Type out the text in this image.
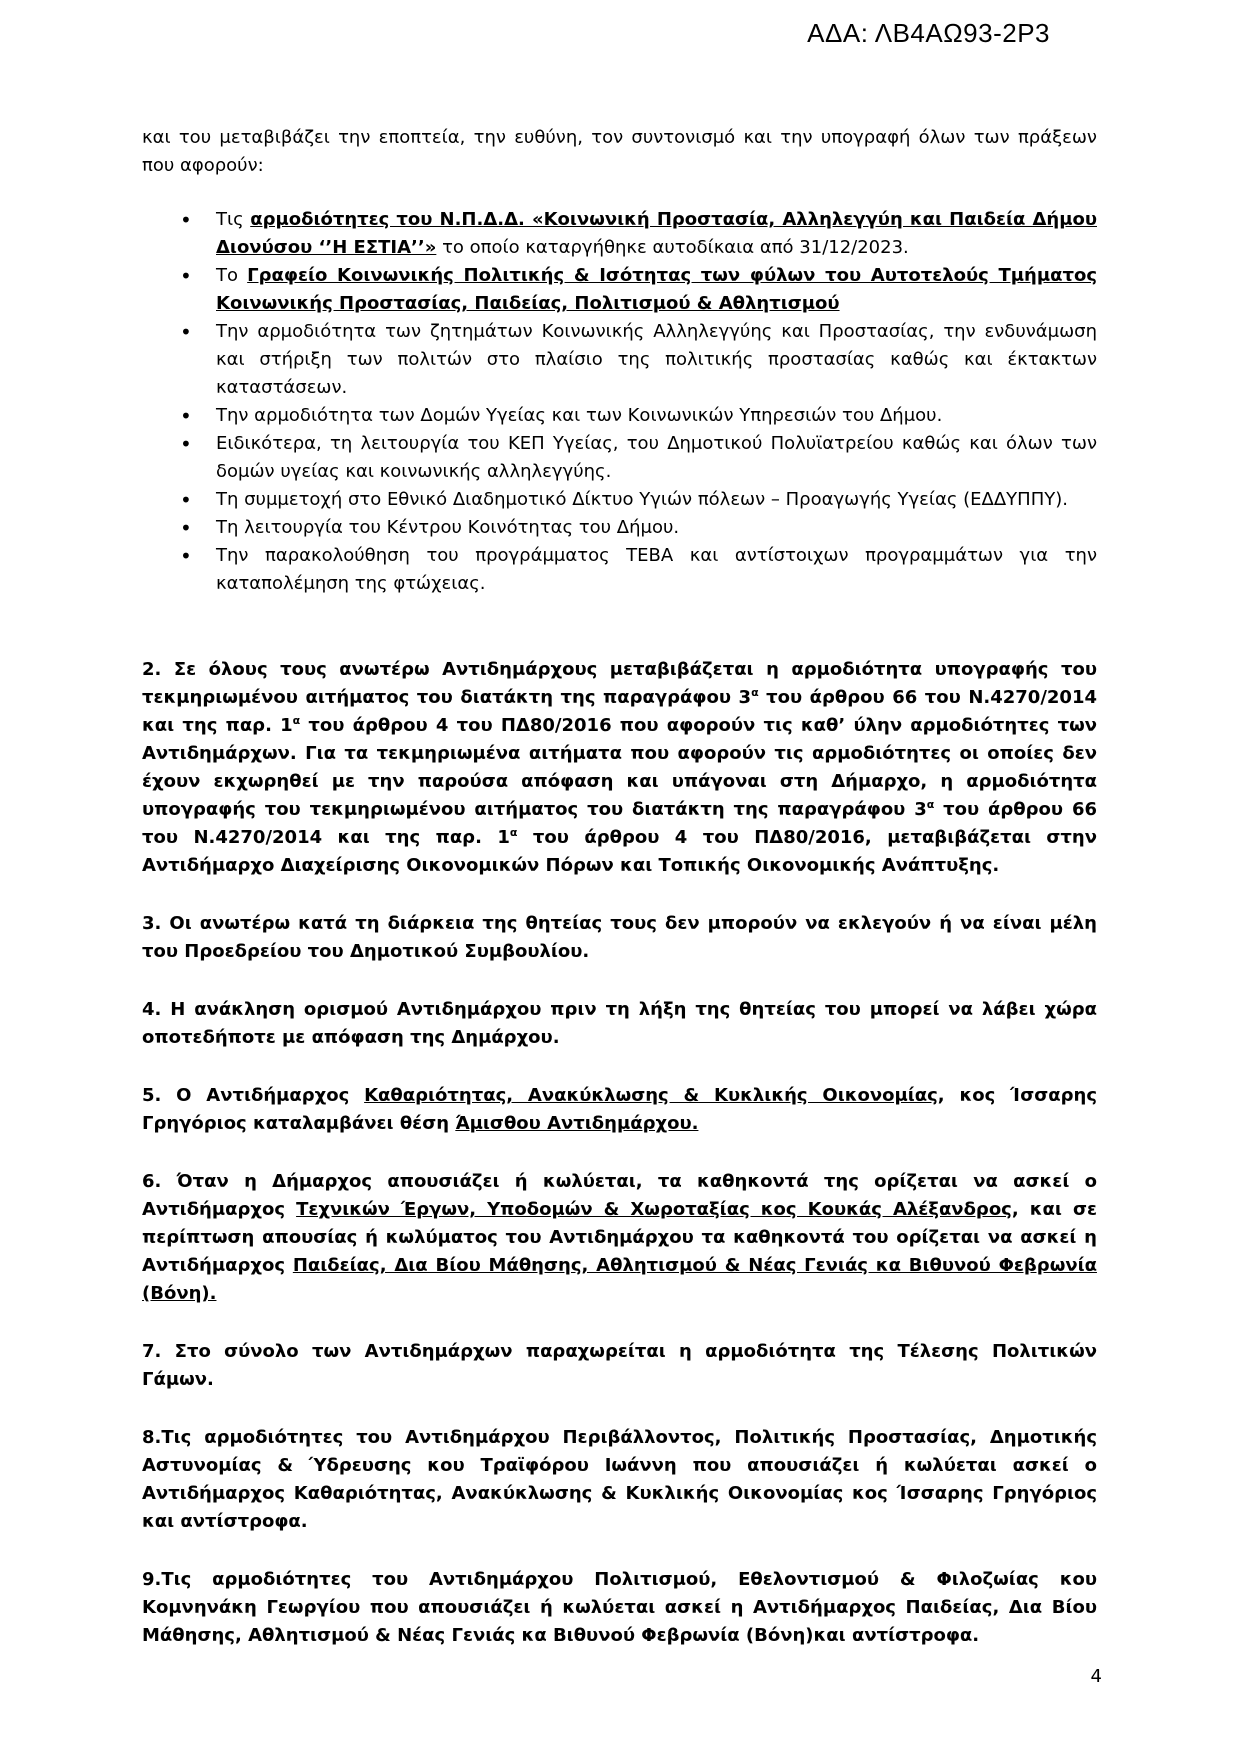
ΑΔΑ: ΛΒ4ΑΩ93-2Ρ3

και του μεταβιβάζει την εποπτεία, την ευθύνη, τον συντονισμό και την υπογραφή όλων των πράξεων που αφορούν:

• Τις αρμοδιότητες του Ν.Π.Δ.Δ. «Κοινωνική Προστασία, Αλληλεγγύη και Παιδεία Δήμου Διονύσου ‘’Η ΕΣΤΙΑ’’» το οποίο καταργήθηκε αυτοδίκαια από 31/12/2023.
• Το Γραφείο Κοινωνικής Πολιτικής & Ισότητας των φύλων του Αυτοτελούς Τμήματος Κοινωνικής Προστασίας, Παιδείας, Πολιτισμού & Αθλητισμού
• Την αρμοδιότητα των ζητημάτων Κοινωνικής Αλληλεγγύης και Προστασίας, την ενδυνάμωση και στήριξη των πολιτών στο πλαίσιο της πολιτικής προστασίας καθώς και έκτακτων καταστάσεων.
• Την αρμοδιότητα των Δομών Υγείας και των Κοινωνικών Υπηρεσιών του Δήμου.
• Ειδικότερα, τη λειτουργία του ΚΕΠ Υγείας, του Δημοτικού Πολυϊατρείου καθώς και όλων των δομών υγείας και κοινωνικής αλληλεγγύης.
• Τη συμμετοχή στο Εθνικό Διαδημοτικό Δίκτυο Υγιών πόλεων – Προαγωγής Υγείας (ΕΔΔΥΠΠΥ).
• Τη λειτουργία του Κέντρου Κοινότητας του Δήμου.
• Την παρακολούθηση του προγράμματος ΤΕΒΑ και αντίστοιχων προγραμμάτων για την καταπολέμηση της φτώχειας.

2. Σε όλους τους ανωτέρω Αντιδημάρχους μεταβιβάζεται η αρμοδιότητα υπογραφής του τεκμηριωμένου αιτήματος του διατάκτη της παραγράφου $3^\alpha$ του άρθρου 66 του Ν.4270/2014 και της παρ. $1^\alpha$ του άρθρου 4 του ΠΔ80/2016 που αφορούν τις καθ’ ύλην αρμοδιότητες των Αντιδημάρχων. Για τα τεκμηριωμένα αιτήματα που αφορούν τις αρμοδιότητες οι οποίες δεν έχουν εκχωρηθεί με την παρούσα απόφαση και υπάγοναι στη Δήμαρχο, η αρμοδιότητα υπογραφής του τεκμηριωμένου αιτήματος του διατάκτη της παραγράφου $3^\alpha$ του άρθρου 66 του Ν.4270/2014 και της παρ. $1^\alpha$ του άρθρου 4 του ΠΔ80/2016, μεταβιβάζεται στην Αντιδήμαρχο Διαχείρισης Οικονομικών Πόρων και Τοπικής Οικονομικής Ανάπτυξης.

3. Οι ανωτέρω κατά τη διάρκεια της θητείας τους δεν μπορούν να εκλεγούν ή να είναι μέλη του Προεδρείου του Δημοτικού Συμβουλίου.

4. Η ανάκληση ορισμού Αντιδημάρχου πριν τη λήξη της θητείας του μπορεί να λάβει χώρα οποτεδήποτε με απόφαση της Δημάρχου.

5. Ο Αντιδήμαρχος Καθαριότητας, Ανακύκλωσης & Κυκλικής Οικονομίας, κος Ίσσαρης Γρηγόριος καταλαμβάνει θέση Άμισθου Αντιδημάρχου.

6. Όταν η Δήμαρχος απουσιάζει ή κωλύεται, τα καθηκοντά της ορίζεται να ασκεί ο Αντιδήμαρχος Τεχνικών Έργων, Υποδομών & Χωροταξίας κος Κουκάς Αλέξανδρος, και σε περίπτωση απουσίας ή κωλύματος του Αντιδημάρχου τα καθηκοντά του ορίζεται να ασκεί η Αντιδήμαρχος Παιδείας, Δια Βίου Μάθησης, Αθλητισμού & Νέας Γενιάς κα Βιθυνού Φεβρωνία (Βόνη).

7. Στο σύνολο των Αντιδημάρχων παραχωρείται η αρμοδιότητα της Τέλεσης Πολιτικών Γάμων.

8.Τις αρμοδιότητες του Αντιδημάρχου Περιβάλλοντος, Πολιτικής Προστασίας, Δημοτικής Αστυνομίας & Ύδρευσης κου Τραϊφόρου Ιωάννη που απουσιάζει ή κωλύεται ασκεί ο Αντιδήμαρχος Καθαριότητας, Ανακύκλωσης & Κυκλικής Οικονομίας κος Ίσσαρης Γρηγόριος και αντίστροφα.

9.Τις αρμοδιότητες του Αντιδημάρχου Πολιτισμού, Εθελοντισμού & Φιλοζωίας κου Κομνηνάκη Γεωργίου που απουσιάζει ή κωλύεται ασκεί η Αντιδήμαρχος Παιδείας, Δια Βίου Μάθησης, Αθλητισμού & Νέας Γενιάς κα Βιθυνού Φεβρωνία (Βόνη)και αντίστροφα.

4
